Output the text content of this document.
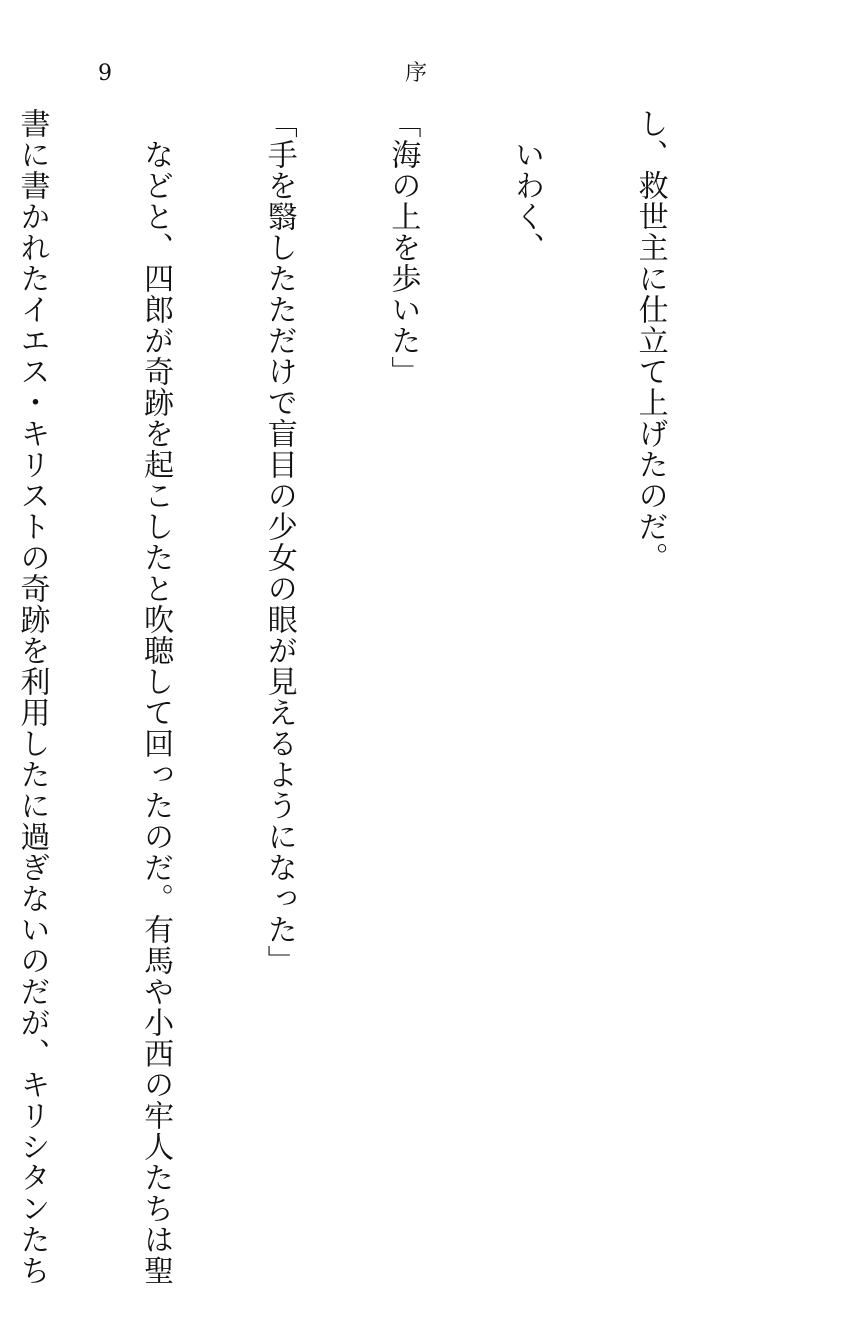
9	序

し、救世主に仕立て上げたのだ。

　いわく、

「海の上を歩いた」

「手を翳したただけで盲目の少女の眼が見えるようになった」

　などと、四郎が奇跡を起こしたと吹聴して回ったのだ。有馬や小西の牢人たちは聖

書に書かれたイエス・キリストの奇跡を利用したに過ぎないのだが、キリシタンたち
